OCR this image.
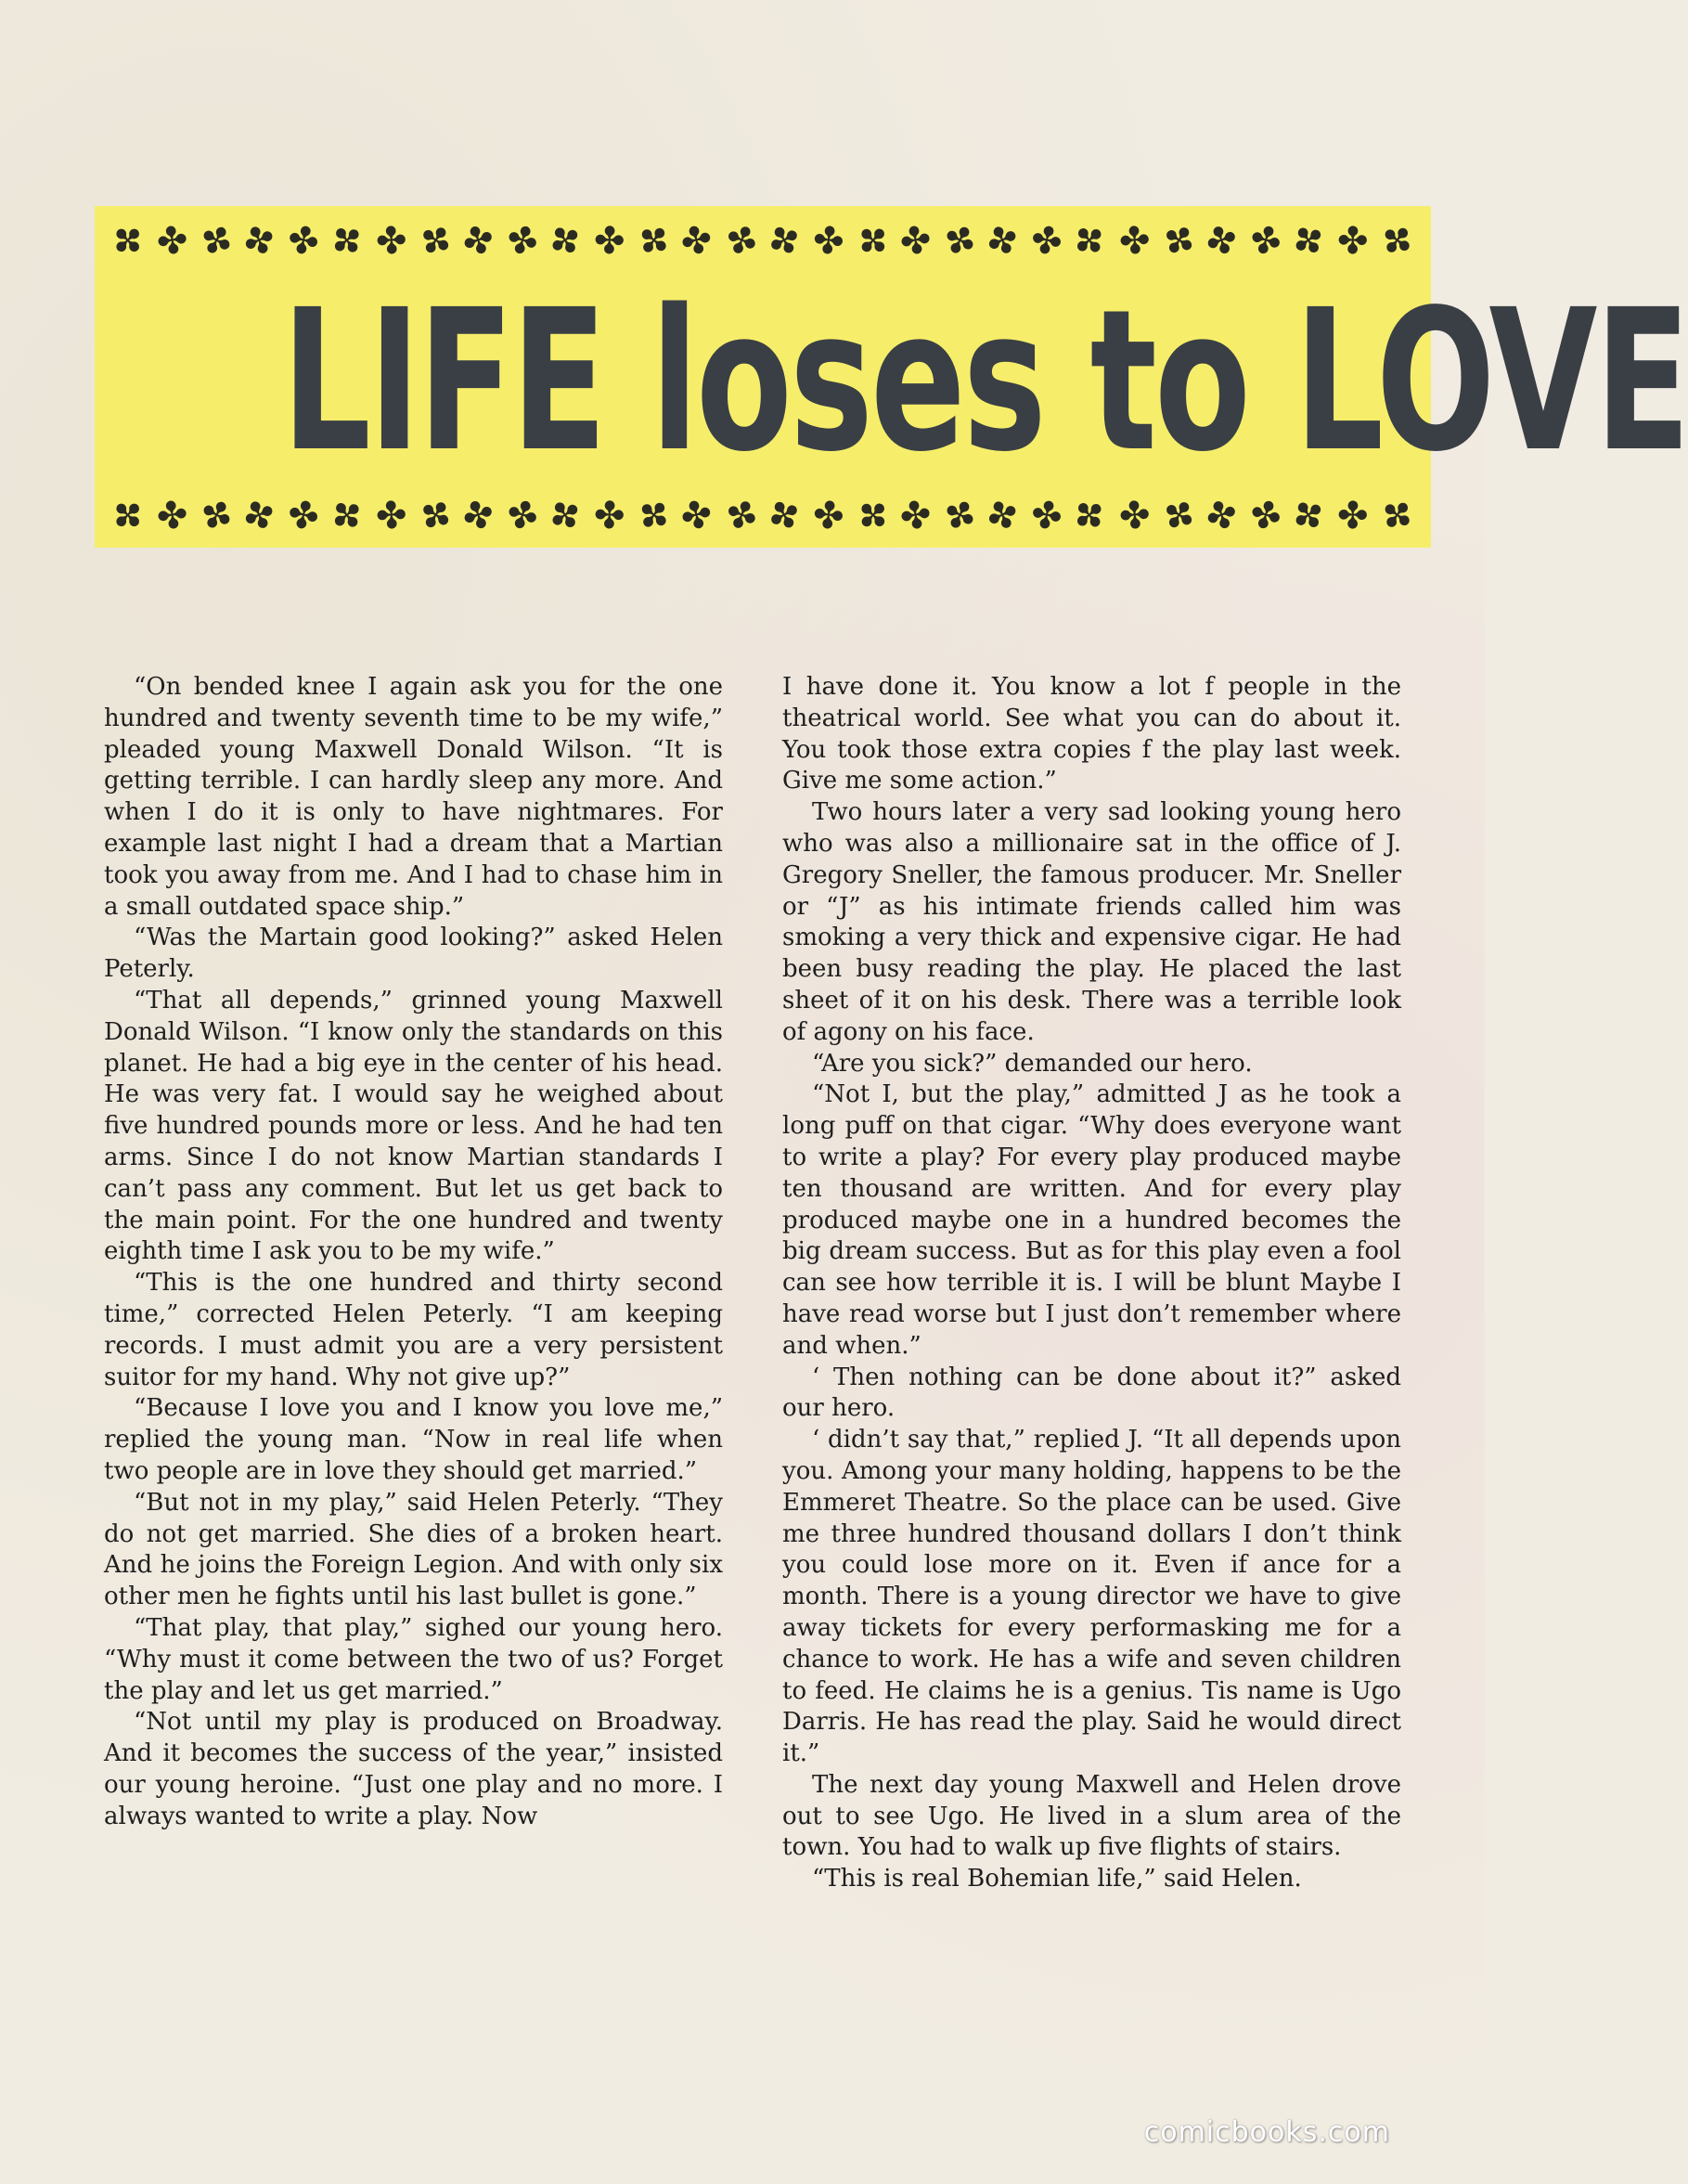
✤ ✤ ✤
✤ ✤
✤ ✤ ✤
✤ ✤
✤ ✤ ✤
✤ ✤
✤ ✤ ✤
✤ ✤
✤ ✤
✤ ✤ ✤
✤ ✤
✤ ✤ ✤
LIFE loses to LOVE
✤ ✤ ✤
✤ ✤
✤ ✤ ✤
✤ ✤
✤ ✤ ✤
✤ ✤
✤ ✤ ✤
✤ ✤
✤ ✤
✤ ✤ ✤
✤ ✤
✤ ✤ ✤

“On bended knee I again ask you for the one hundred and twenty seventh time to be my wife,” pleaded young Maxwell Donald Wilson. “It is getting terrible. I can hardly sleep any more. And when I do it is only to have nightmares. For example last night I had a dream that a Martian took you away from me. And I had to chase him in a small outdated space ship.”

“Was the Martain good looking?” asked Helen Peterly.

“That all depends,” grinned young Maxwell Donald Wilson. “I know only the standards on this planet. He had a big eye in the center of his head. He was very fat. I would say he weighed about five hundred pounds more or less. And he had ten arms. Since I do not know Martian standards I can’t pass any comment. But let us get back to the main point. For the one hundred and twenty eighth time I ask you to be my wife.”

“This is the one hundred and thirty second time,” corrected Helen Peterly. “I am keeping records. I must admit you are a very persistent suitor for my hand. Why not give up?”

“Because I love you and I know you love me,” replied the young man. “Now in real life when two people are in love they should get married.”

“But not in my play,” said Helen Peterly. “They do not get married. She dies of a broken heart. And he joins the Foreign Legion. And with only six other men he fights until his last bullet is gone.”

“That play, that play,” sighed our young hero. “Why must it come between the two of us? Forget the play and let us get married.”

“Not until my play is produced on Broadway. And it becomes the success of the year,” insisted our young heroine. “Just one play and no more. I always wanted to write a play. Now

I have done it. You know a lot f people in the theatrical world. See what you can do about it. You took those extra copies f the play last week. Give me some action.”

Two hours later a very sad looking young hero who was also a millionaire sat in the office of J. Gregory Sneller, the famous producer. Mr. Sneller or “J” as his intimate friends called him was smoking a very thick and expensive cigar. He had been busy reading the play. He placed the last sheet of it on his desk. There was a terrible look of agony on his face.

“Are you sick?” demanded our hero.

“Not I, but the play,” admitted J as he took a long puff on that cigar. “Why does everyone want to write a play? For every play produced maybe ten thousand are written. And for every play produced maybe one in a hundred becomes the big dream success. But as for this play even a fool can see how terrible it is. I will be blunt Maybe I have read worse but I just don’t remember where and when.”

‘ Then nothing can be done about it?” asked our hero.

‘ didn’t say that,” replied J. “It all depends upon you. Among your many holding, happens to be the Emmeret Theatre. So the place can be used. Give me three hundred thousand dollars I don’t think you could lose more on it. Even if ance for a month. There is a young director we have to give away tickets for every performasking me for a chance to work. He has a wife and seven children to feed. He claims he is a genius. Tis name is Ugo Darris. He has read the play. Said he would direct it.”

The next day young Maxwell and Helen drove out to see Ugo. He lived in a slum area of the town. You had to walk up five flights of stairs.

“This is real Bohemian life,” said Helen.

comicbooks.com
